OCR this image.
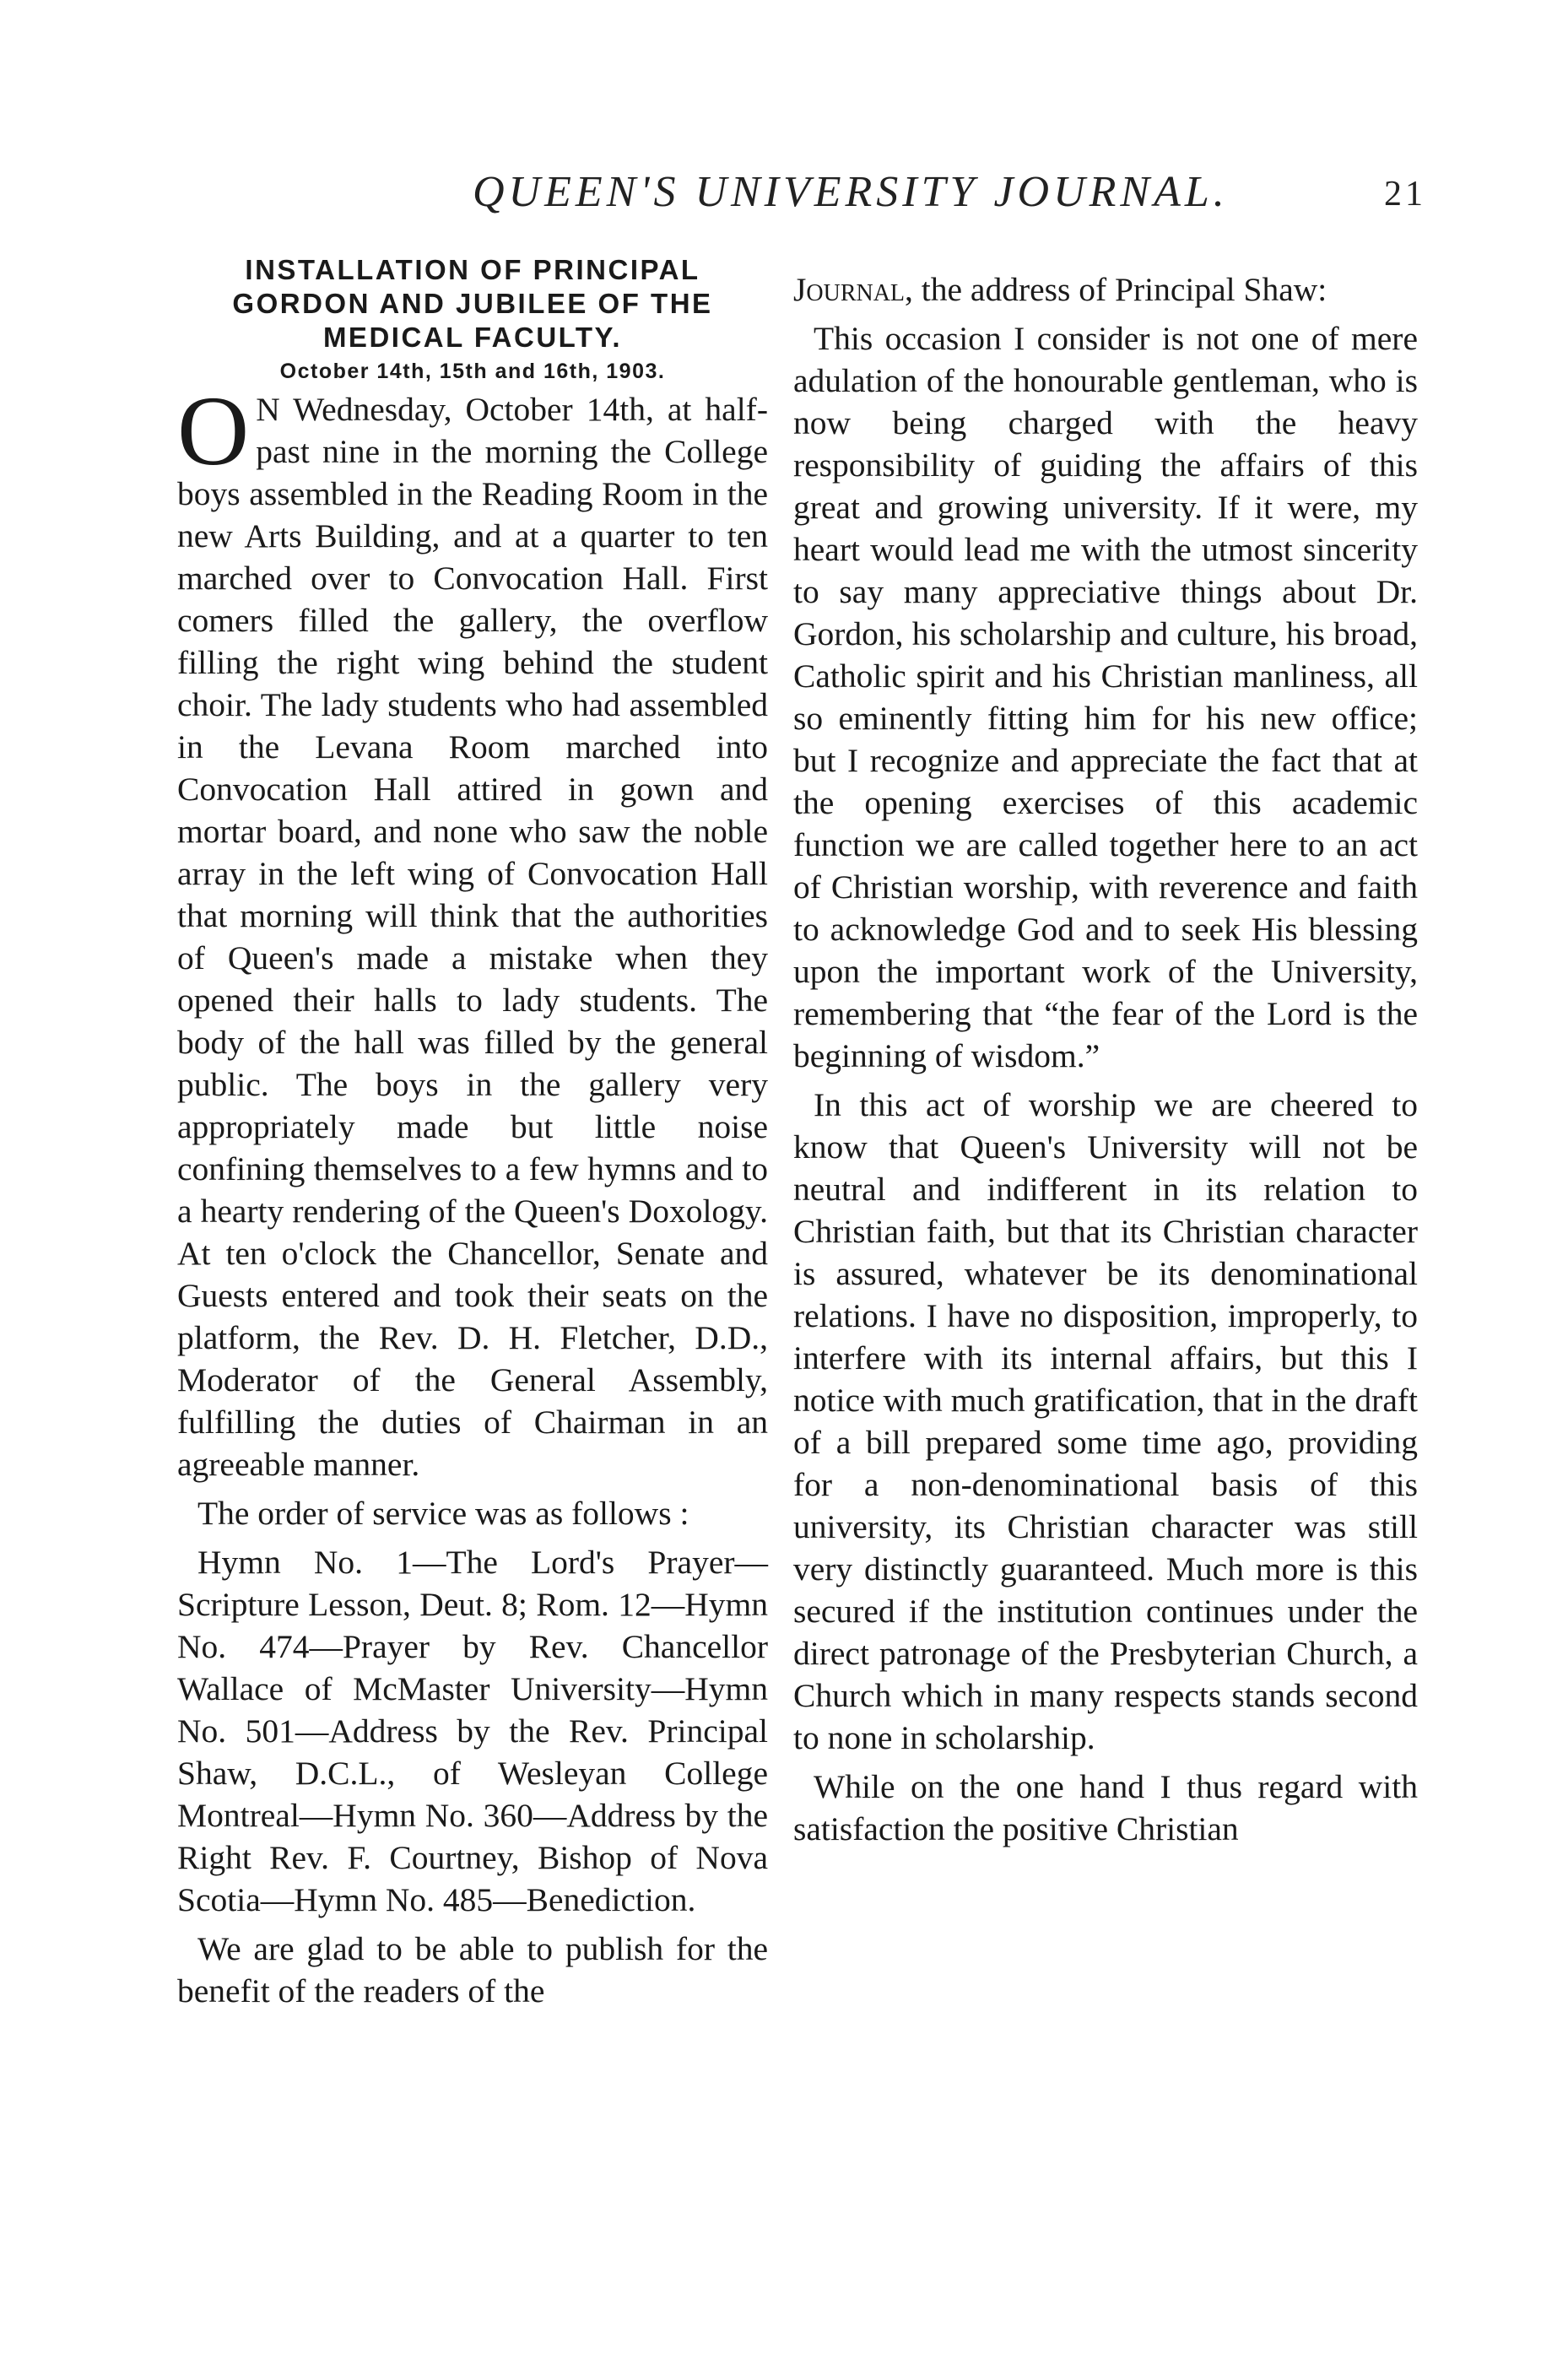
QUEEN'S UNIVERSITY JOURNAL.	21

INSTALLATION OF PRINCIPAL GORDON AND JUBILEE OF THE MEDICAL FACULTY.

October 14th, 15th and 16th, 1903.

O N Wednesday, October 14th, at half-past nine in the morning the College boys assembled in the Reading Room in the new Arts Building, and at a quarter to ten marched over to Convocation Hall. First comers filled the gallery, the overflow filling the right wing behind the student choir. The lady students who had assembled in the Levana Room marched into Convocation Hall attired in gown and mortar board, and none who saw the noble array in the left wing of Convocation Hall that morning will think that the authorities of Queen's made a mistake when they opened their halls to lady students. The body of the hall was filled by the general public. The boys in the gallery very appropriately made but little noise confining themselves to a few hymns and to a hearty rendering of the Queen's Doxology. At ten o'clock the Chancellor, Senate and Guests entered and took their seats on the platform, the Rev. D. H. Fletcher, D.D., Moderator of the General Assembly, fulfilling the duties of Chairman in an agreeable manner.

The order of service was as follows :

Hymn No. 1—The Lord's Prayer—Scripture Lesson, Deut. 8; Rom. 12—Hymn No. 474—Prayer by Rev. Chancellor Wallace of McMaster University—Hymn No. 501—Address by the Rev. Principal Shaw, D.C.L., of Wesleyan College Montreal—Hymn No. 360—Address by the Right Rev. F. Courtney, Bishop of Nova Scotia—Hymn No. 485—Benediction.

We are glad to be able to publish for the benefit of the readers of the

Journal, the address of Principal Shaw:

This occasion I consider is not one of mere adulation of the honourable gentleman, who is now being charged with the heavy responsibility of guiding the affairs of this great and growing university. If it were, my heart would lead me with the utmost sincerity to say many appreciative things about Dr. Gordon, his scholarship and culture, his broad, Catholic spirit and his Christian manliness, all so eminently fitting him for his new office; but I recognize and appreciate the fact that at the opening exercises of this academic function we are called together here to an act of Christian worship, with reverence and faith to acknowledge God and to seek His blessing upon the important work of the University, remembering that “the fear of the Lord is the beginning of wisdom.”

In this act of worship we are cheered to know that Queen's University will not be neutral and indifferent in its relation to Christian faith, but that its Christian character is assured, whatever be its denominational relations. I have no disposition, improperly, to interfere with its internal affairs, but this I notice with much gratification, that in the draft of a bill prepared some time ago, providing for a non-denominational basis of this university, its Christian character was still very distinctly guaranteed. Much more is this secured if the institution continues under the direct patronage of the Presbyterian Church, a Church which in many respects stands second to none in scholarship.

While on the one hand I thus regard with satisfaction the positive Christian
